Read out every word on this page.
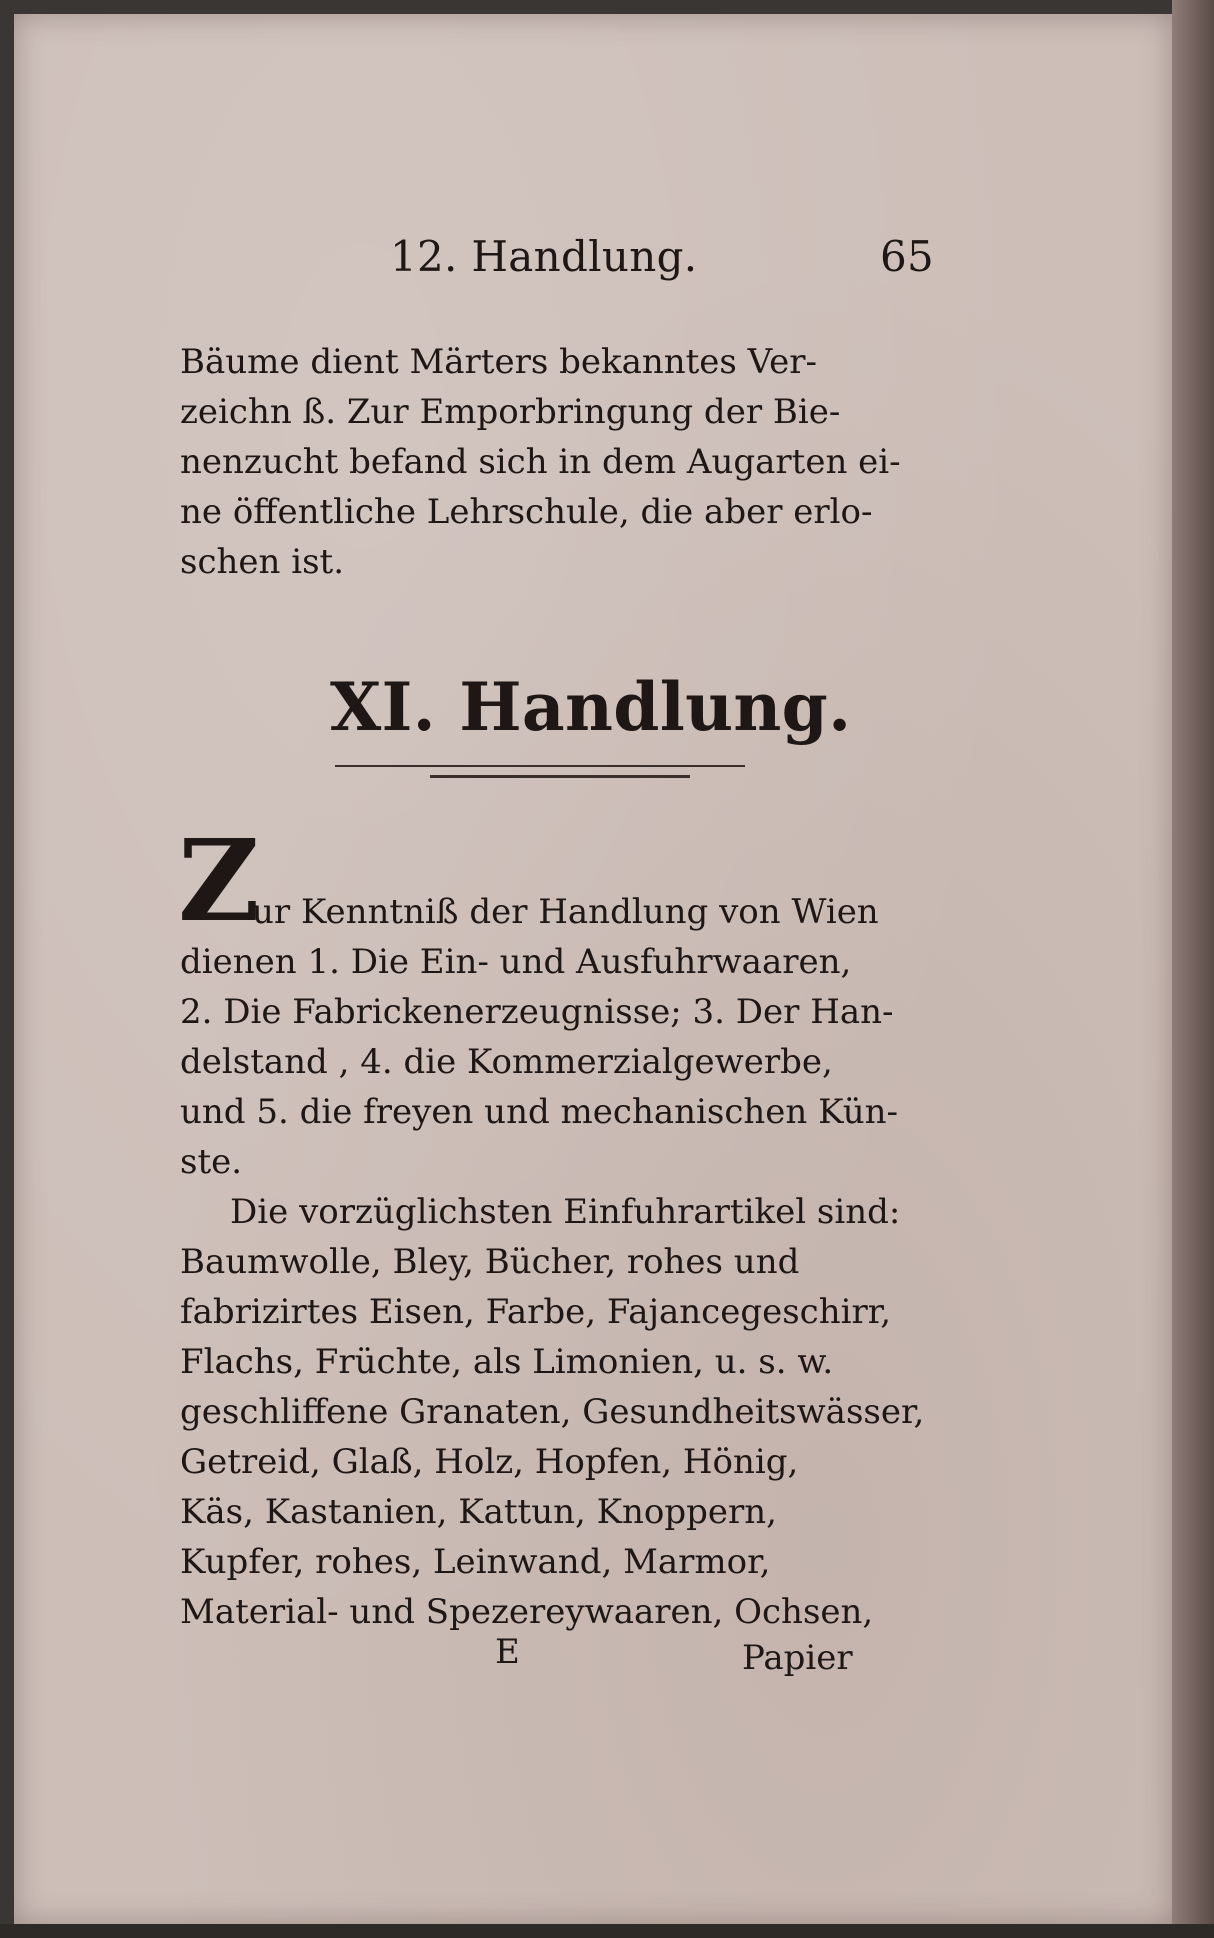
12. Handlung.	65
Bäume dient Märters bekanntes Ver-
zeichn ß. Zur Emporbringung der Bie-
nenzucht befand sich in dem Augarten ei-
ne öffentliche Lehrschule, die aber erlo-
schen ist.
XI. Handlung.
Z
ur Kenntniß der Handlung von Wien
dienen 1. Die Ein- und Ausfuhrwaaren,
2. Die Fabrickenerzeugnisse; 3. Der Han-
delstand , 4. die Kommerzialgewerbe,
und 5. die freyen und mechanischen Kün-
ste.
Die vorzüglichsten Einfuhrartikel sind:
Baumwolle, Bley, Bücher, rohes und
fabrizirtes Eisen, Farbe, Fajancegeschirr,
Flachs, Früchte, als Limonien, u. s. w.
geschliffene Granaten, Gesundheitswässer,
Getreid, Glaß, Holz, Hopfen, Hönig,
Käs, Kastanien, Kattun, Knoppern,
Kupfer, rohes, Leinwand, Marmor,
Material- und Spezereywaaren, Ochsen,
E	Papier
